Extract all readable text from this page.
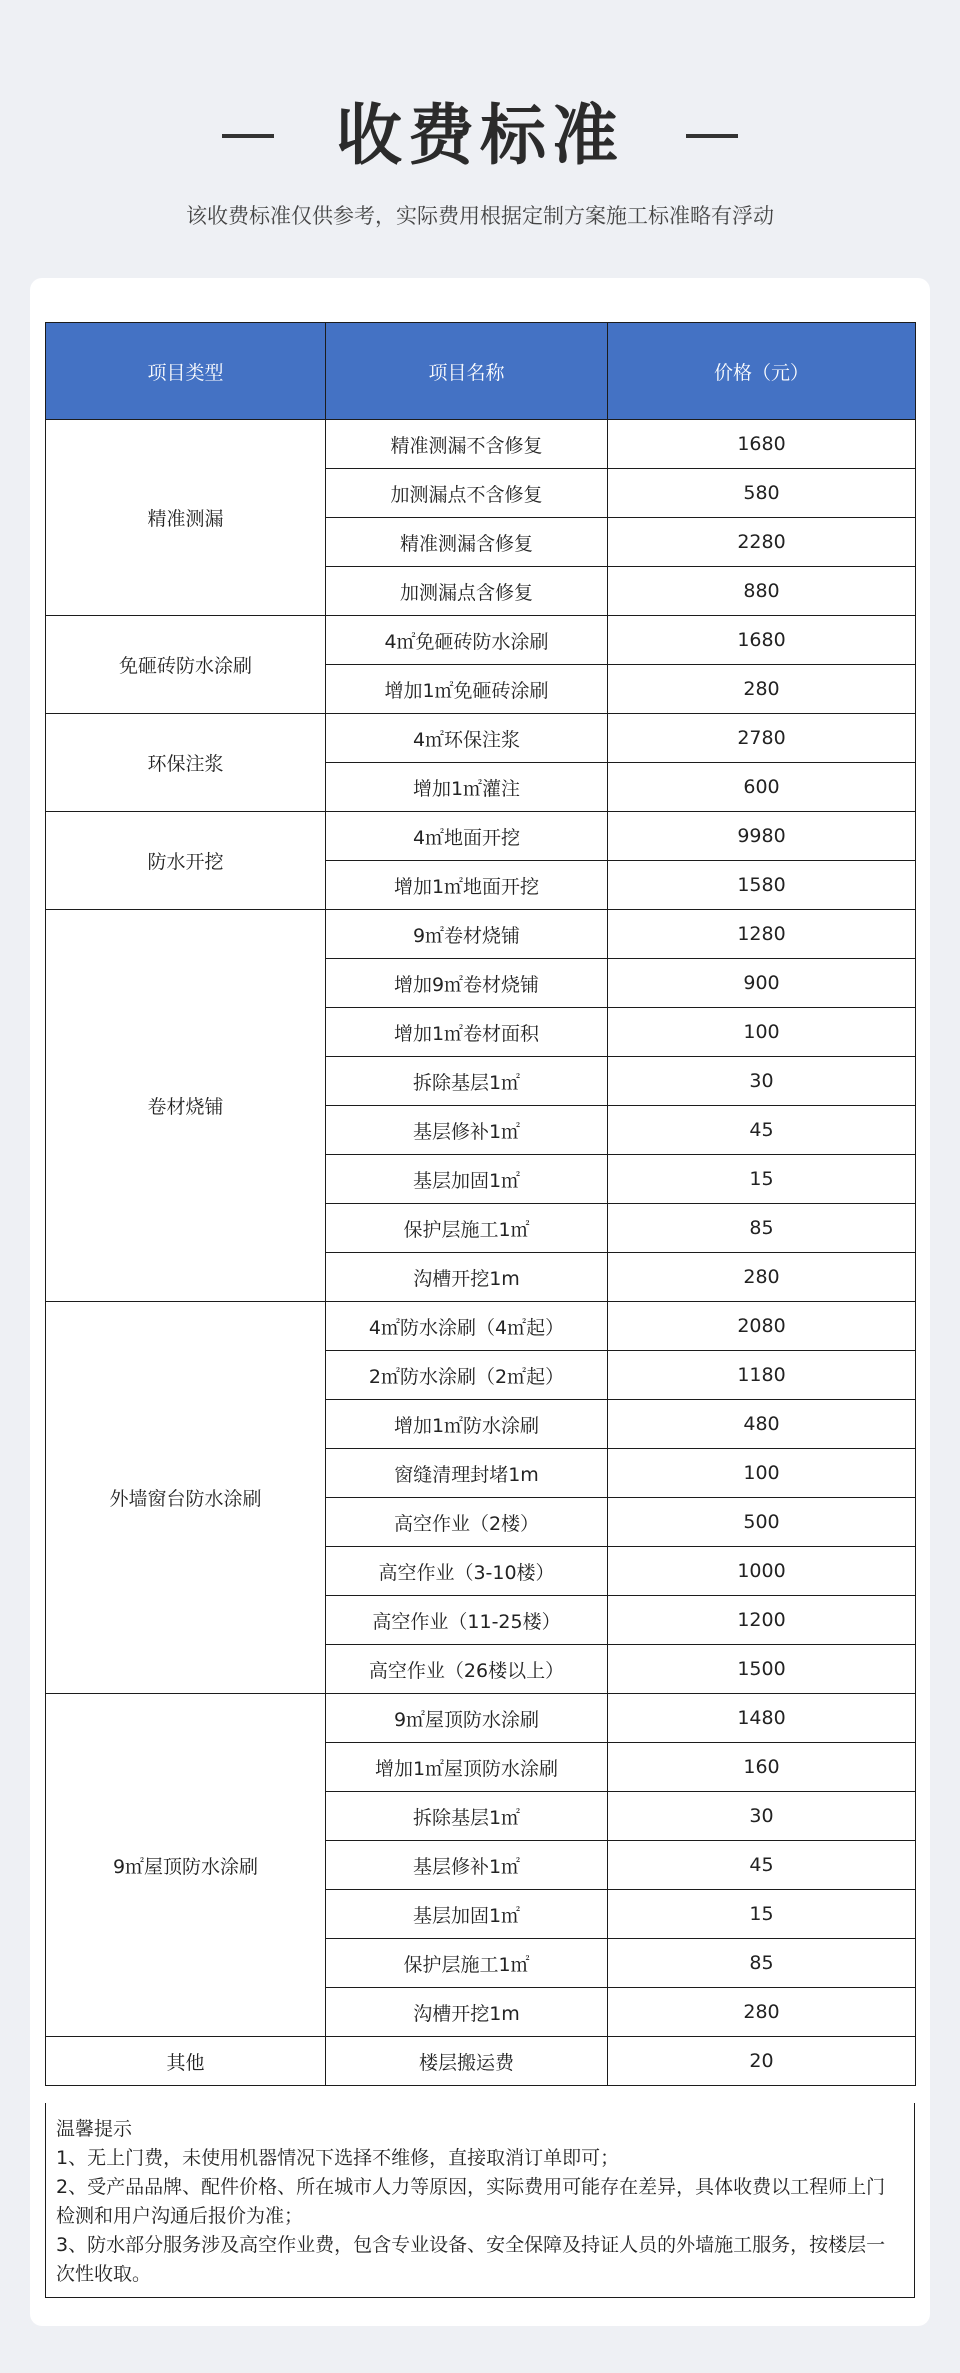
收费标准
该收费标准仅供参考，实际费用根据定制方案施工标准略有浮动
项目类型	项目名称	价格（元）
精准测漏	精准测漏不含修复	1680
	加测漏点不含修复	580
	精准测漏含修复	2280
	加测漏点含修复	880
免砸砖防水涂刷	4㎡免砸砖防水涂刷	1680
	增加1㎡免砸砖涂刷	280
环保注浆	4㎡环保注浆	2780
	增加1㎡灌注	600
防水开挖	4㎡地面开挖	9980
	增加1㎡地面开挖	1580
卷材烧铺	9㎡卷材烧铺	1280
	增加9㎡卷材烧铺	900
	增加1㎡卷材面积	100
	拆除基层1㎡	30
	基层修补1㎡	45
	基层加固1㎡	15
	保护层施工1㎡	85
	沟槽开挖1m	280
外墙窗台防水涂刷	4㎡防水涂刷（4㎡起）	2080
	2㎡防水涂刷（2㎡起）	1180
	增加1㎡防水涂刷	480
	窗缝清理封堵1m	100
	高空作业（2楼）	500
	高空作业（3-10楼）	1000
	高空作业（11-25楼）	1200
	高空作业（26楼以上）	1500
9㎡屋顶防水涂刷	9㎡屋顶防水涂刷	1480
	增加1㎡屋顶防水涂刷	160
	拆除基层1㎡	30
	基层修补1㎡	45
	基层加固1㎡	15
	保护层施工1㎡	85
	沟槽开挖1m	280
其他	楼层搬运费	20

温馨提示

1、无上门费，未使用机器情况下选择不维修，直接取消订单即可；

2、受产品品牌、配件价格、所在城市人力等原因，实际费用可能存在差异，具体收费以工程师上门检测和用户沟通后报价为准；

3、防水部分服务涉及高空作业费，包含专业设备、安全保障及持证人员的外墙施工服务，按楼层一次性收取。
